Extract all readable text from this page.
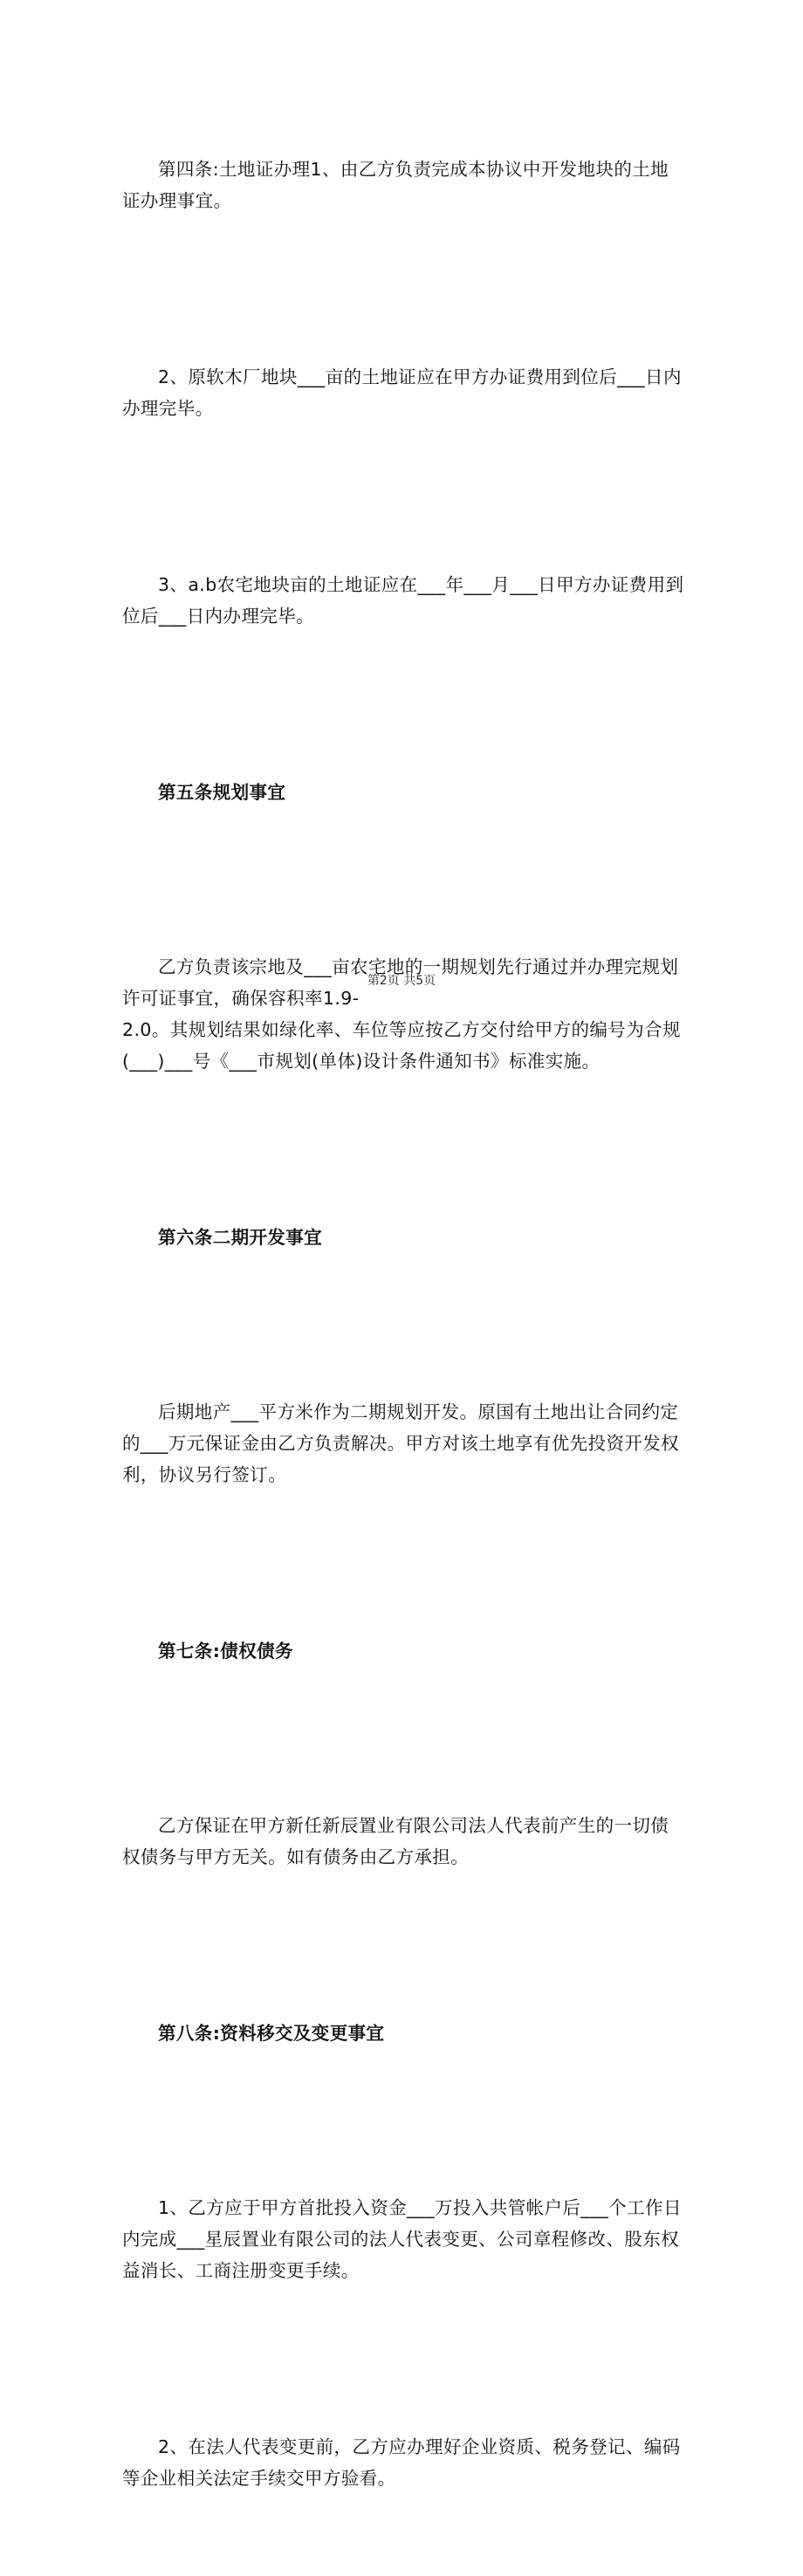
第四条:土地证办理1、由乙方负责完成本协议中开发地块的土地
证办理事宜。

2、原软木厂地块___亩的土地证应在甲方办证费用到位后___日内
办理完毕。

3、a.b农宅地块亩的土地证应在___年___月___日甲方办证费用到
位后___日内办理完毕。

第五条规划事宜

乙方负责该宗地及___亩农宅地的一期规划先行通过并办理完规划
许可证事宜，确保容积率1.9-
2.0。其规划结果如绿化率、车位等应按乙方交付给甲方的编号为合规
(___)___号《___市规划(单体)设计条件通知书》标准实施。

第六条二期开发事宜

后期地产___平方米作为二期规划开发。原国有土地出让合同约定
的___万元保证金由乙方负责解决。甲方对该土地享有优先投资开发权
利，协议另行签订。

第七条:债权债务

乙方保证在甲方新任新辰置业有限公司法人代表前产生的一切债
权债务与甲方无关。如有债务由乙方承担。

第八条:资料移交及变更事宜

1、乙方应于甲方首批投入资金___万投入共管帐户后___个工作日
内完成___星辰置业有限公司的法人代表变更、公司章程修改、股东权
益消长、工商注册变更手续。

2、在法人代表变更前，乙方应办理好企业资质、税务登记、编码
等企业相关法定手续交甲方验看。

第2页 共5页
